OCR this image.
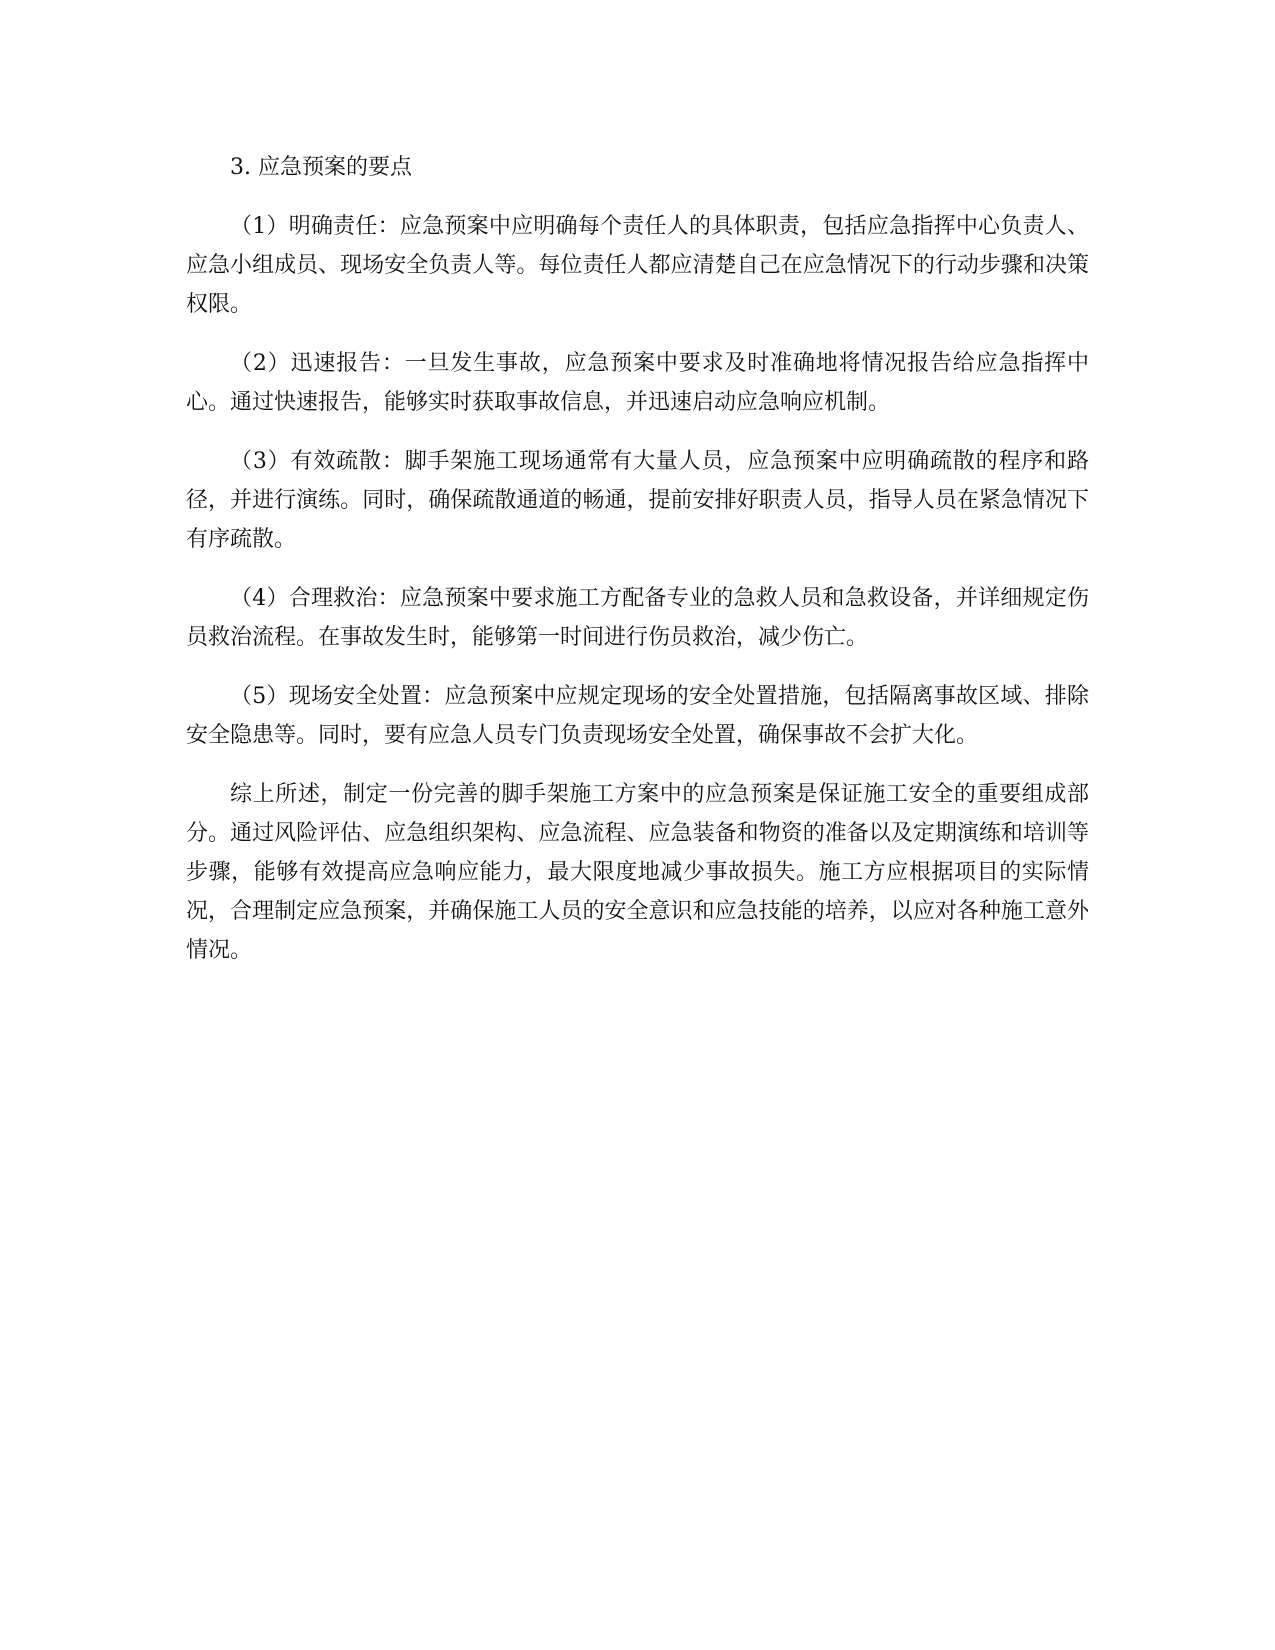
3. 应急预案的要点

（1）明确责任：应急预案中应明确每个责任人的具体职责，包括应急指挥中心负责人、应急小组成员、现场安全负责人等。每位责任人都应清楚自己在应急情况下的行动步骤和决策权限。

（2）迅速报告：一旦发生事故，应急预案中要求及时准确地将情况报告给应急指挥中心。通过快速报告，能够实时获取事故信息，并迅速启动应急响应机制。

（3）有效疏散：脚手架施工现场通常有大量人员，应急预案中应明确疏散的程序和路径，并进行演练。同时，确保疏散通道的畅通，提前安排好职责人员，指导人员在紧急情况下有序疏散。

（4）合理救治：应急预案中要求施工方配备专业的急救人员和急救设备，并详细规定伤员救治流程。在事故发生时，能够第一时间进行伤员救治，减少伤亡。

（5）现场安全处置：应急预案中应规定现场的安全处置措施，包括隔离事故区域、排除安全隐患等。同时，要有应急人员专门负责现场安全处置，确保事故不会扩大化。

综上所述，制定一份完善的脚手架施工方案中的应急预案是保证施工安全的重要组成部分。通过风险评估、应急组织架构、应急流程、应急装备和物资的准备以及定期演练和培训等步骤，能够有效提高应急响应能力，最大限度地减少事故损失。施工方应根据项目的实际情况，合理制定应急预案，并确保施工人员的安全意识和应急技能的培养，以应对各种施工意外情况。
